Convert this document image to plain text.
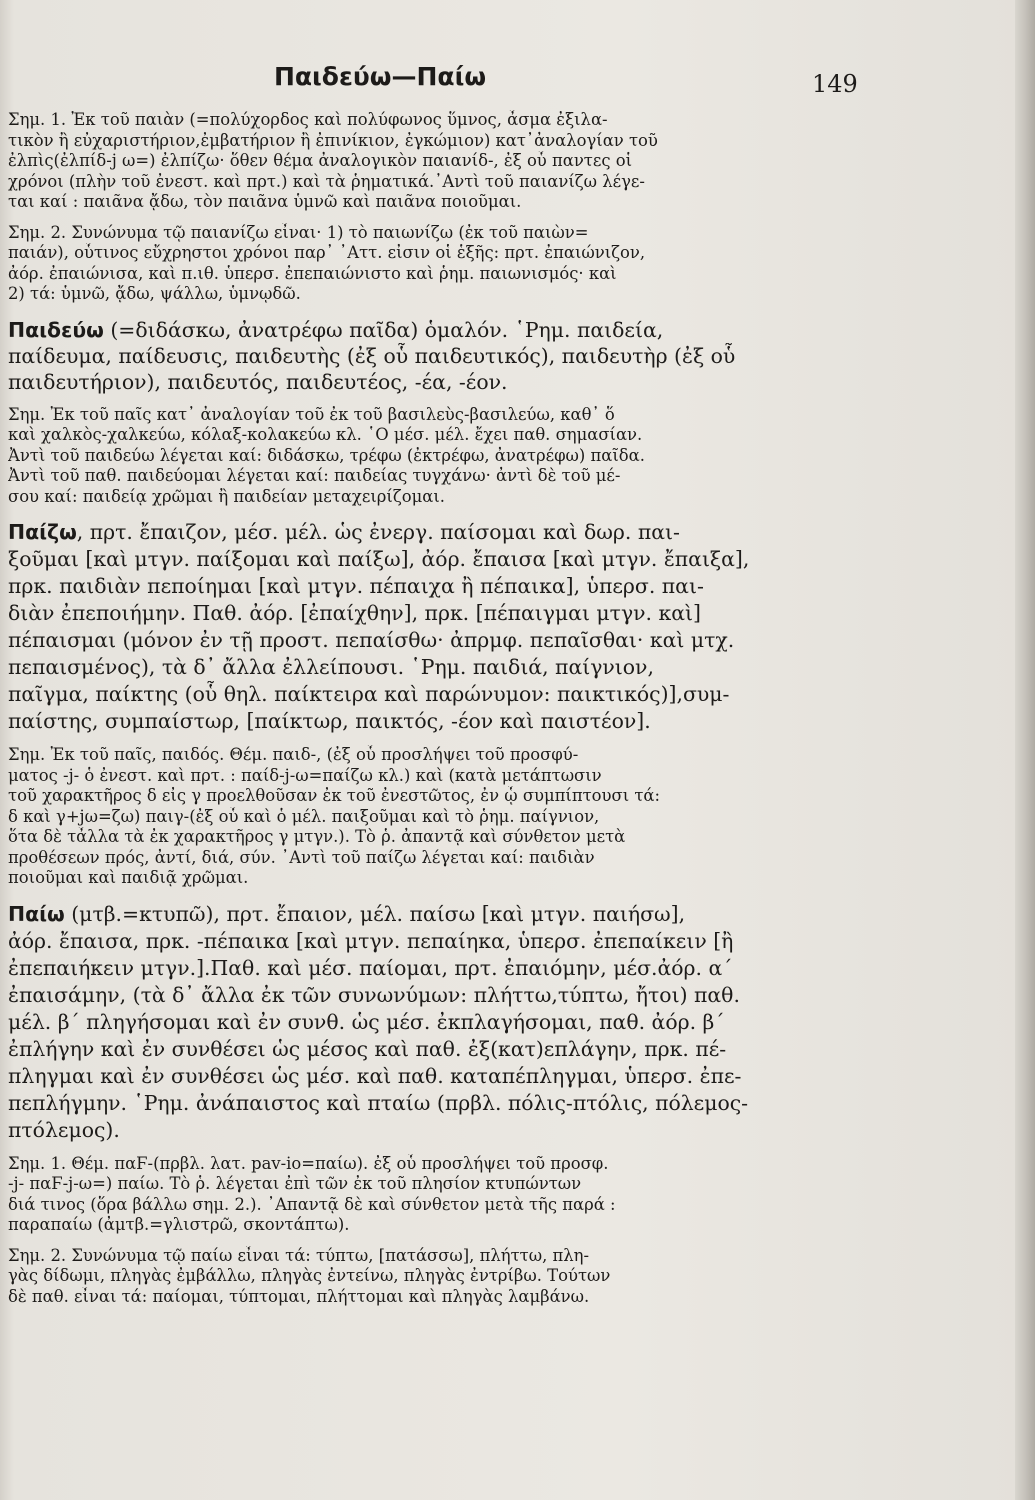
Παιδεύω—Παίω	149
Σημ. 1. Ἐκ τοῦ παιὰν (=πολύχορδος καὶ πολύφωνος ὕμνος, ἆσμα ἐξιλα-
τικὸν ἢ εὐχαριστήριον,ἐμβατήριον ἢ ἐπινίκιον, ἐγκώμιον) κατ᾽ἀναλογίαν τοῦ
ἐλπὶς(ἐλπίδ-j ω=) ἐλπίζω· ὅθεν θέμα ἀναλογικὸν παιανίδ-, ἐξ οὗ παντες οἱ
χρόνοι (πλὴν τοῦ ἐνεστ. καὶ πρτ.) καὶ τὰ ῥηματικά.᾽Αντὶ τοῦ παιανίζω λέγε-
ται καί : παιᾶνα ᾄδω, τὸν παιᾶνα ὑμνῶ καὶ παιᾶνα ποιοῦμαι.
Σημ. 2. Συνώνυμα τῷ παιανίζω εἶναι· 1) τὸ παιωνίζω (ἐκ τοῦ παιὼν=
παιάν), οὗτινος εὔχρηστοι χρόνοι παρ᾽ ᾽Αττ. εἰσιν οἱ ἑξῆς: πρτ. ἐπαιώνιζον,
ἀόρ. ἐπαιώνισα, καὶ π.ιθ. ὑπερσ. ἐπεπαιώνιστο καὶ ῥημ. παιωνισμός· καὶ
2) τά: ὑμνῶ, ᾄδω, ψάλλω, ὑμνῳδῶ.
Παιδεύω (=διδάσκω, ἀνατρέφω παῖδα) ὁμαλόν. ῾Ρημ. παιδεία,
παίδευμα, παίδευσις, παιδευτὴς (ἐξ οὗ παιδευτικός), παιδευτὴρ (ἐξ οὗ
παιδευτήριον), παιδευτός, παιδευτέος, -έα, -έον.
Σημ. Ἐκ τοῦ παῖς κατ᾽ ἀναλογίαν τοῦ ἐκ τοῦ βασιλεὺς-βασιλεύω, καθ᾽ ὅ
καὶ χαλκὸς-χαλκεύω, κόλαξ-κολακεύω κλ. ῾Ο μέσ. μέλ. ἔχει παθ. σημασίαν.
Ἀντὶ τοῦ παιδεύω λέγεται καί: διδάσκω, τρέφω (ἐκτρέφω, ἀνατρέφω) παῖδα.
Ἀντὶ τοῦ παθ. παιδεύομαι λέγεται καί: παιδείας τυγχάνω· ἀντὶ δὲ τοῦ μέ-
σου καί: παιδείᾳ χρῶμαι ἢ παιδείαν μεταχειρίζομαι.
Παίζω, πρτ. ἔπαιζον, μέσ. μέλ. ὡς ἐνεργ. παίσομαι καὶ δωρ. παι-
ξοῦμαι [καὶ μτγν. παίξομαι καὶ παίξω], ἀόρ. ἔπαισα [καὶ μτγν. ἔπαιξα],
πρκ. παιδιὰν πεποίημαι [καὶ μτγν. πέπαιχα ἢ πέπαικα], ὑπερσ. παι-
διὰν ἐπεποιήμην. Παθ. ἀόρ. [ἐπαίχθην], πρκ. [πέπαιγμαι μτγν. καὶ]
πέπαισμαι (μόνον ἐν τῇ προστ. πεπαίσθω· ἀπρμφ. πεπαῖσθαι· καὶ μτχ.
πεπαισμένος), τὰ δ᾽ ἄλλα ἐλλείπουσι. ῾Ρημ. παιδιά, παίγνιον,
παῖγμα, παίκτης (οὗ θηλ. παίκτειρα καὶ παρώνυμον: παικτικός)],συμ-
παίστης, συμπαίστωρ, [παίκτωρ, παικτός, -έον καὶ παιστέον].
Σημ. Ἐκ τοῦ παῖς, παιδός. Θέμ. παιδ-, (ἐξ οὗ προσλήψει τοῦ προσφύ-
ματος -j- ὁ ἐνεστ. καὶ πρτ. : παίδ-j-ω=παίζω κλ.) καὶ (κατὰ μετάπτωσιν
τοῦ χαρακτῆρος δ εἰς γ προελθοῦσαν ἐκ τοῦ ἐνεστῶτος, ἐν ᾧ συμπίπτουσι τά:
δ καὶ γ+jω=ζω) παιγ-(ἐξ οὗ καὶ ὁ μέλ. παιξοῦμαι καὶ τὸ ῥημ. παίγνιον,
ὅτα δὲ τἆλλα τὰ ἐκ χαρακτῆρος γ μτγν.). Τὸ ῥ. ἀπαντᾷ καὶ σύνθετον μετὰ
προθέσεων πρός, ἀντί, διά, σύν. ᾽Αντὶ τοῦ παίζω λέγεται καί: παιδιὰν
ποιοῦμαι καὶ παιδιᾷ χρῶμαι.
Παίω (μτβ.=κτυπῶ), πρτ. ἔπαιον, μέλ. παίσω [καὶ μτγν. παιήσω],
ἀόρ. ἔπαισα, πρκ. -πέπαικα [καὶ μτγν. πεπαίηκα, ὑπερσ. ἐπεπαίκειν [ἢ
ἐπεπαιήκειν μτγν.].Παθ. καὶ μέσ. παίομαι, πρτ. ἐπαιόμην, μέσ.ἀόρ. α΄
ἐπαισάμην, (τὰ δ᾽ ἄλλα ἐκ τῶν συνωνύμων: πλήττω,τύπτω, ἤτοι) παθ.
μέλ. β΄ πληγήσομαι καὶ ἐν συνθ. ὡς μέσ. ἐκπλαγήσομαι, παθ. ἀόρ. β΄
ἐπλήγην καὶ ἐν συνθέσει ὡς μέσος καὶ παθ. ἐξ(κατ)επλάγην, πρκ. πέ-
πληγμαι καὶ ἐν συνθέσει ὡς μέσ. καὶ παθ. καταπέπληγμαι, ὑπερσ. ἐπε-
πεπλήγμην. ῾Ρημ. ἀνάπαιστος καὶ πταίω (πρβλ. πόλις-πτόλις, πόλεμος-
πτόλεμος).
Σημ. 1. Θέμ. παϜ-(πρβλ. λατ. pav-io=παίω). ἐξ οὗ προσλήψει τοῦ προσφ.
-j- παϜ-j-ω=) παίω. Τὸ ῥ. λέγεται ἐπὶ τῶν ἐκ τοῦ πλησίον κτυπώντων
διά τινος (ὅρα βάλλω σημ. 2.). ᾽Απαντᾷ δὲ καὶ σύνθετον μετὰ τῆς παρά :
παραπαίω (ἀμτβ.=γλιστρῶ, σκοντάπτω).
Σημ. 2. Συνώνυμα τῷ παίω εἶναι τά: τύπτω, [πατάσσω], πλήττω, πλη-
γὰς δίδωμι, πληγὰς ἐμβάλλω, πληγὰς ἐντείνω, πληγὰς ἐντρίβω. Τούτων
δὲ παθ. εἶναι τά: παίομαι, τύπτομαι, πλήττομαι καὶ πληγὰς λαμβάνω.
